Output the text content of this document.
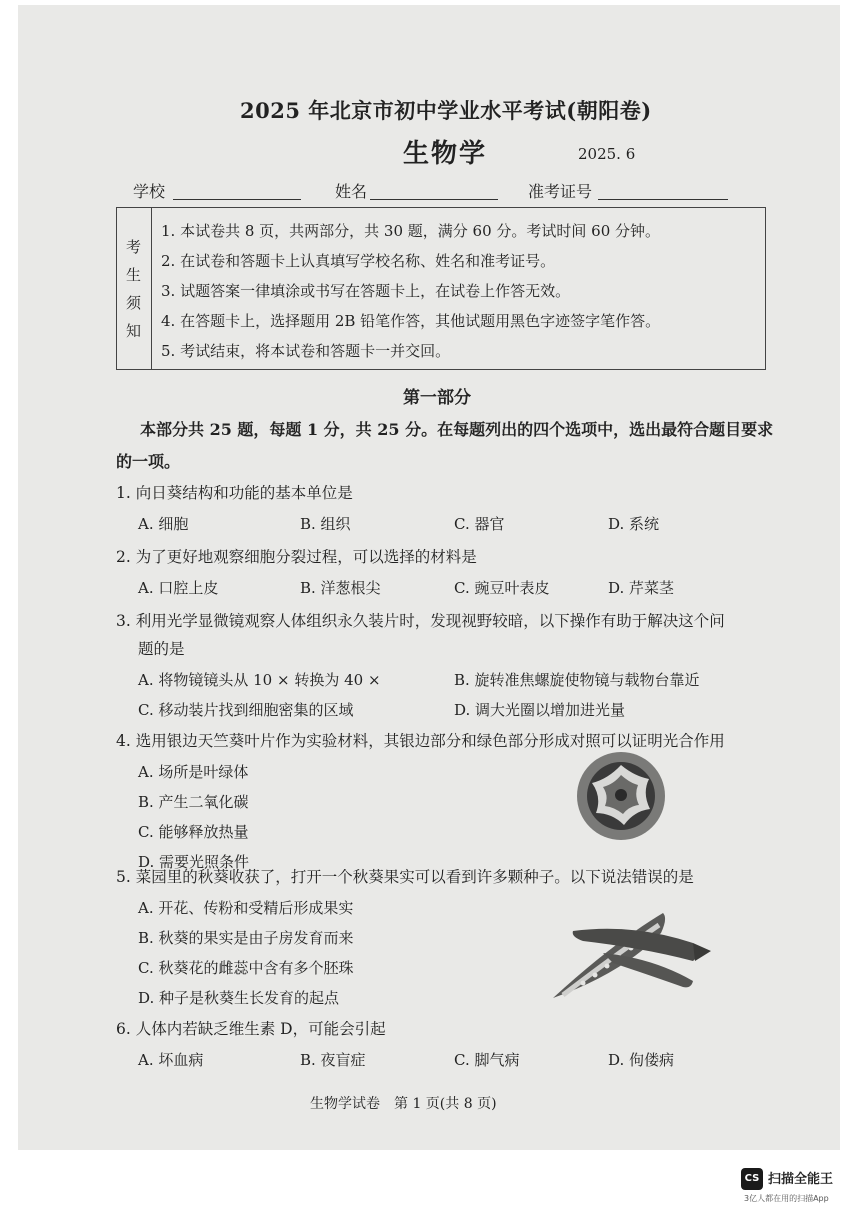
2025 年北京市初中学业水平考试(朝阳卷)
生物学	2025. 6
学校	姓名	准考证号
考
生
须
知
1. 本试卷共 8 页，共两部分，共 30 题，满分 60 分。考试时间 60 分钟。
2. 在试卷和答题卡上认真填写学校名称、姓名和准考证号。
3. 试题答案一律填涂或书写在答题卡上，在试卷上作答无效。
4. 在答题卡上，选择题用 2B 铅笔作答，其他试题用黑色字迹签字笔作答。
5. 考试结束，将本试卷和答题卡一并交回。
第一部分
本部分共 25 题，每题 1 分，共 25 分。在每题列出的四个选项中，选出最符合题目要求
的一项。
1. 向日葵结构和功能的基本单位是
A. 细胞	B. 组织	C. 器官	D. 系统
2. 为了更好地观察细胞分裂过程，可以选择的材料是
A. 口腔上皮	B. 洋葱根尖	C. 豌豆叶表皮	D. 芹菜茎
3. 利用光学显微镜观察人体组织永久装片时，发现视野较暗，以下操作有助于解决这个问
题的是
A. 将物镜镜头从 10 × 转换为 40 ×	B. 旋转准焦螺旋使物镜与载物台靠近
C. 移动装片找到细胞密集的区域	D. 调大光圈以增加进光量
4. 选用银边天竺葵叶片作为实验材料，其银边部分和绿色部分形成对照可以证明光合作用
A. 场所是叶绿体
B. 产生二氧化碳
C. 能够释放热量
D. 需要光照条件
5. 菜园里的秋葵收获了，打开一个秋葵果实可以看到许多颗种子。以下说法错误的是
A. 开花、传粉和受精后形成果实
B. 秋葵的果实是由子房发育而来
C. 秋葵花的雌蕊中含有多个胚珠
D. 种子是秋葵生长发育的起点
6. 人体内若缺乏维生素 D，可能会引起
A. 坏血病	B. 夜盲症	C. 脚气病	D. 佝偻病
生物学试卷　第 1 页(共 8 页)
CS 扫描全能王
3亿人都在用的扫描App
